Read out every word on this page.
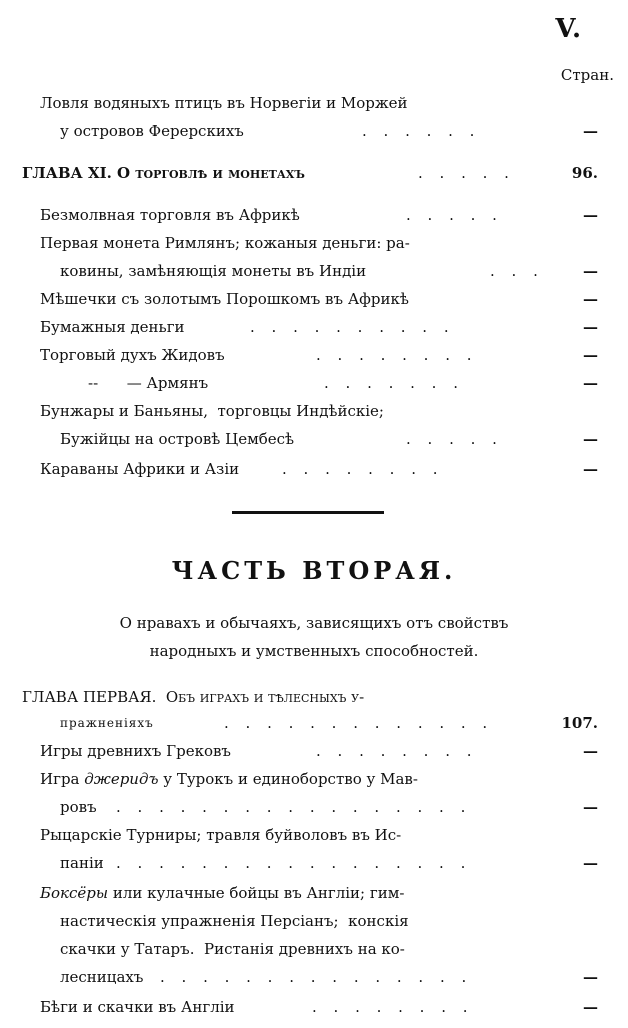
V.
Стран.
Ловля водяныхъ птицъ въ Норвегіи и Моржей
у островов Ферерскихъ	. . . . . .	—
ГЛАВА XI. О торговлѣ и монетахъ	. . . . .	96.
Безмолвная торговля въ Африкѣ	. . . . .	—
Первая монета Римлянъ; кожаныя деньги: ра-
ковины, замѣняющія монеты въ Индіи	. . .	—
Мѣшечки съ золотымъ Порошкомъ въ Африкѣ	—
Бумажныя деньги	. . . . . . . . . .	—
Торговый духъ Жидовъ	. . . . . . . .	—
--      — Армянъ	. . . . . . .	—
Бунжары и Баньяны,  торговцы Индѣйскіе;
Бужійцы на островѣ Цембесѣ	. . . . .	—
Караваны Африки и Азіи	. . . . . . . .	—
ЧАСТЬ ВТОРАЯ.
О нравахъ и обычаяхъ, зависящихъ отъ свойствъ
народныхъ и умственныхъ способностей.
ГЛАВА ПЕРВАЯ.  Объ играхъ и тѣлесныхъ у-
пражненіяхъ	. . . . . . . . . . . . .	107.
Игры древнихъ Грековъ	. . . . . . . .	—
Игра джеридъ у Турокъ и единоборство у Мав-
ровъ . . . . . . . . . . . . . . . . .	—
Рыцарскіе Турниры; травля буйволовъ въ Ис-
паніи . . . . . . . . . . . . . . . . .	—
Боксёры или кулачные бойцы въ Англіи; гим-
настическія упражненія Персіанъ;  конскія
скачки у Татаръ.  Ристанія древнихъ на ко-
лесницахъ . . . . . . . . . . . . . . .	—
Бѣги и скачки въ Англіи	. . . . . . . .	—
